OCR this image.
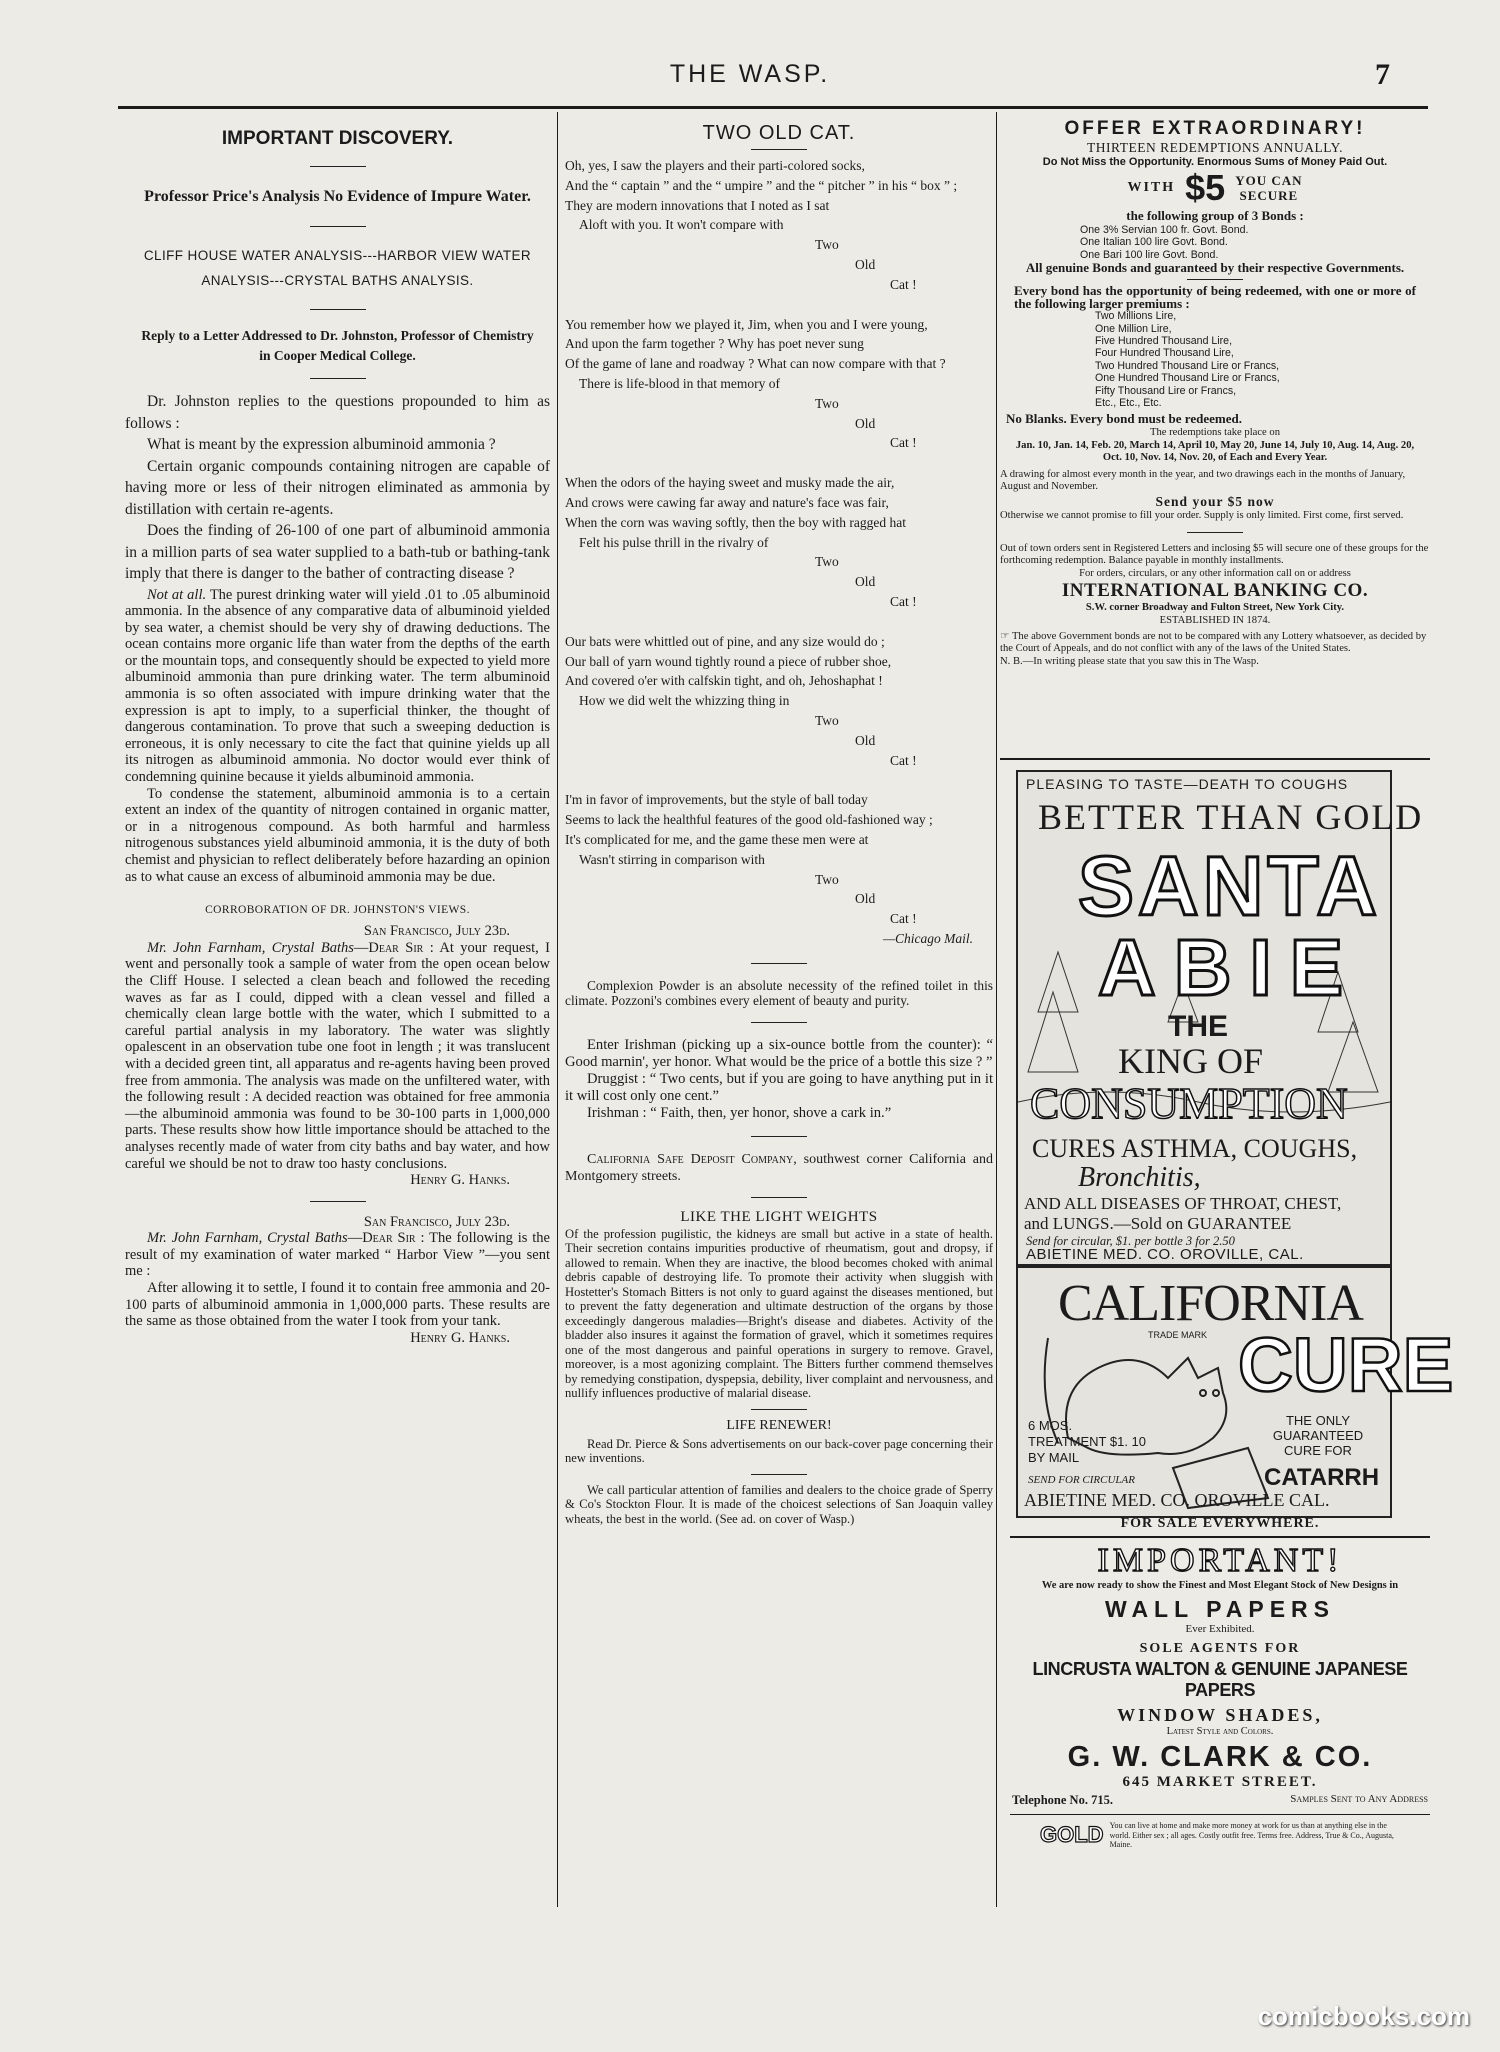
THE WASP.	7
IMPORTANT DISCOVERY.
Professor Price's Analysis No Evidence of Impure Water.
CLIFF HOUSE WATER ANALYSIS---HARBOR VIEW WATER ANALYSIS---CRYSTAL BATHS ANALYSIS.
Reply to a Letter Addressed to Dr. Johnston, Professor of Chemistry in Cooper Medical College.

Dr. Johnston replies to the questions propounded to him as follows :

What is meant by the expression albuminoid ammonia ?

Certain organic compounds containing nitrogen are capable of having more or less of their nitrogen eliminated as ammonia by distillation with certain re-agents.

Does the finding of 26-100 of one part of albuminoid ammonia in a million parts of sea water supplied to a bath-tub or bathing-tank imply that there is danger to the bather of contracting disease ?

Not at all. The purest drinking water will yield .01 to .05 albuminoid ammonia. In the absence of any comparative data of albuminoid yielded by sea water, a chemist should be very shy of drawing deductions. The ocean contains more organic life than water from the depths of the earth or the mountain tops, and consequently should be expected to yield more albuminoid ammonia than pure drinking water. The term albuminoid ammonia is so often associated with impure drinking water that the expression is apt to imply, to a superficial thinker, the thought of dangerous contamination. To prove that such a sweeping deduction is erroneous, it is only necessary to cite the fact that quinine yields up all its nitrogen as albuminoid ammonia. No doctor would ever think of condemning quinine because it yields albuminoid ammonia.

To condense the statement, albuminoid ammonia is to a certain extent an index of the quantity of nitrogen contained in organic matter, or in a nitrogenous compound. As both harmful and harmless nitrogenous substances yield albuminoid ammonia, it is the duty of both chemist and physician to reflect deliberately before hazarding an opinion as to what cause an excess of albuminoid ammonia may be due.

CORROBORATION OF DR. JOHNSTON'S VIEWS.

San Francisco, July 23d.

Mr. John Farnham, Crystal Baths—Dear Sir : At your request, I went and personally took a sample of water from the open ocean below the Cliff House. I selected a clean beach and followed the receding waves as far as I could, dipped with a clean vessel and filled a chemically clean large bottle with the water, which I submitted to a careful partial analysis in my laboratory. The water was slightly opalescent in an observation tube one foot in length ; it was translucent with a decided green tint, all apparatus and re-agents having been proved free from ammonia. The analysis was made on the unfiltered water, with the following result : A decided reaction was obtained for free ammonia—the albuminoid ammonia was found to be 30-100 parts in 1,000,000 parts. These results show how little importance should be attached to the analyses recently made of water from city baths and bay water, and how careful we should be not to draw too hasty conclusions.

Henry G. Hanks.

San Francisco, July 23d.

Mr. John Farnham, Crystal Baths—Dear Sir : The following is the result of my examination of water marked “ Harbor View ”—you sent me :

After allowing it to settle, I found it to contain free ammonia and 20-100 parts of albuminoid ammonia in 1,000,000 parts. These results are the same as those obtained from the water I took from your tank.
Henry G. Hanks.

TWO OLD CAT.
Oh, yes, I saw the players and their parti-colored socks,
And the “ captain ” and the “ umpire ” and the “ pitcher ” in his “ box ” ;
They are modern innovations that I noted as I sat
Aloft with you. It won't compare with
Two
Old
Cat !
You remember how we played it, Jim, when you and I were young,
And upon the farm together ? Why has poet never sung
Of the game of lane and roadway ? What can now compare with that ?
There is life-blood in that memory of
Two
Old
Cat !
When the odors of the haying sweet and musky made the air,
And crows were cawing far away and nature's face was fair,
When the corn was waving softly, then the boy with ragged hat
Felt his pulse thrill in the rivalry of
Two
Old
Cat !
Our bats were whittled out of pine, and any size would do ;
Our ball of yarn wound tightly round a piece of rubber shoe,
And covered o'er with calfskin tight, and oh, Jehoshaphat !
How we did welt the whizzing thing in
Two
Old
Cat !
I'm in favor of improvements, but the style of ball today
Seems to lack the healthful features of the good old-fashioned way ;
It's complicated for me, and the game these men were at
Wasn't stirring in comparison with
Two
Old
Cat !
—Chicago Mail.

Complexion Powder is an absolute necessity of the refined toilet in this climate. Pozzoni's combines every element of beauty and purity.

Enter Irishman (picking up a six-ounce bottle from the counter): “ Good marnin', yer honor. What would be the price of a bottle this size ? ”

Druggist : “ Two cents, but if you are going to have anything put in it it will cost only one cent.”

Irishman : “ Faith, then, yer honor, shove a cark in.”

California Safe Deposit Company, southwest corner California and Montgomery streets.

LIKE THE LIGHT WEIGHTS

Of the profession pugilistic, the kidneys are small but active in a state of health. Their secretion contains impurities productive of rheumatism, gout and dropsy, if allowed to remain. When they are inactive, the blood becomes choked with animal debris capable of destroying life. To promote their activity when sluggish with Hostetter's Stomach Bitters is not only to guard against the diseases mentioned, but to prevent the fatty degeneration and ultimate destruction of the organs by those exceedingly dangerous maladies—Bright's disease and diabetes. Activity of the bladder also insures it against the formation of gravel, which it sometimes requires one of the most dangerous and painful operations in surgery to remove. Gravel, moreover, is a most agonizing complaint. The Bitters further commend themselves by remedying constipation, dyspepsia, debility, liver complaint and nervousness, and nullify influences productive of malarial disease.

LIFE RENEWER!

Read Dr. Pierce & Sons advertisements on our back-cover page concerning their new inventions.

We call particular attention of families and dealers to the choice grade of Sperry & Co's Stockton Flour. It is made of the choicest selections of San Joaquin valley wheats, the best in the world. (See ad. on cover of Wasp.)

OFFER EXTRAORDINARY!
THIRTEEN REDEMPTIONS ANNUALLY.
Do Not Miss the Opportunity. Enormous Sums of Money Paid Out.
WITH $5 YOU CAN
SECURE
the following group of 3 Bonds :
One 3% Servian 100 fr. Govt. Bond.
One Italian 100 lire Govt. Bond.
One Bari 100 lire Govt. Bond.
All genuine Bonds and guaranteed by their respective Governments.
Every bond has the opportunity of being redeemed, with one or more of the following larger premiums :
Two Millions Lire,
One Million Lire,
Five Hundred Thousand Lire,
Four Hundred Thousand Lire,
Two Hundred Thousand Lire or Francs,
One Hundred Thousand Lire or Francs,
Fifty Thousand Lire or Francs,
Etc., Etc., Etc.
No Blanks. Every bond must be redeemed.
The redemptions take place on
Jan. 10, Jan. 14, Feb. 20, March 14, April 10, May 20, June 14, July 10, Aug. 14, Aug. 20, Oct. 10, Nov. 14, Nov. 20, of Each and Every Year.
A drawing for almost every month in the year, and two drawings each in the months of January, August and November.
Send your $5 now
Otherwise we cannot promise to fill your order. Supply is only limited. First come, first served.
Out of town orders sent in Registered Letters and inclosing $5 will secure one of these groups for the forthcoming redemption. Balance payable in monthly installments.
For orders, circulars, or any other information call on or address
INTERNATIONAL BANKING CO.
S.W. corner Broadway and Fulton Street, New York City.
ESTABLISHED IN 1874.
☞ The above Government bonds are not to be compared with any Lottery whatsoever, as decided by the Court of Appeals, and do not conflict with any of the laws of the United States.
N. B.—In writing please state that you saw this in The Wasp.
PLEASING TO TASTE—DEATH TO COUGHS
BETTER THAN GOLD
SANTA
ABIE
THE
KING OF
CONSUMPTION
CURES ASTHMA, COUGHS,
Bronchitis,
AND ALL DISEASES OF THROAT, CHEST,
and LUNGS.—Sold on GUARANTEE
Send for circular, $1. per bottle 3 for 2.50
ABIETINE MED. CO. OROVILLE, CAL.
CALIFORNIA
TRADE MARK CURE
6 MOS. TREATMENT $1. 10 BY MAIL
THE ONLY GUARANTEED CURE FOR
CATARRH
SEND FOR CIRCULAR
ABIETINE MED. CO. OROVILLE CAL.
FOR SALE EVERYWHERE.
IMPORTANT!
We are now ready to show the Finest and Most Elegant Stock of New Designs in
WALL PAPERS
Ever Exhibited.
SOLE AGENTS FOR
LINCRUSTA WALTON & GENUINE JAPANESE PAPERS
WINDOW SHADES,
Latest Style and Colors.
G. W. CLARK & CO.
645 MARKET STREET.
Telephone No. 715.	Samples Sent to Any Address
GOLD You can live at home and make more money at work for us than at anything else in the world. Either sex ; all ages. Costly outfit free. Terms free. Address, True & Co., Augusta, Maine.
comicbooks.com
